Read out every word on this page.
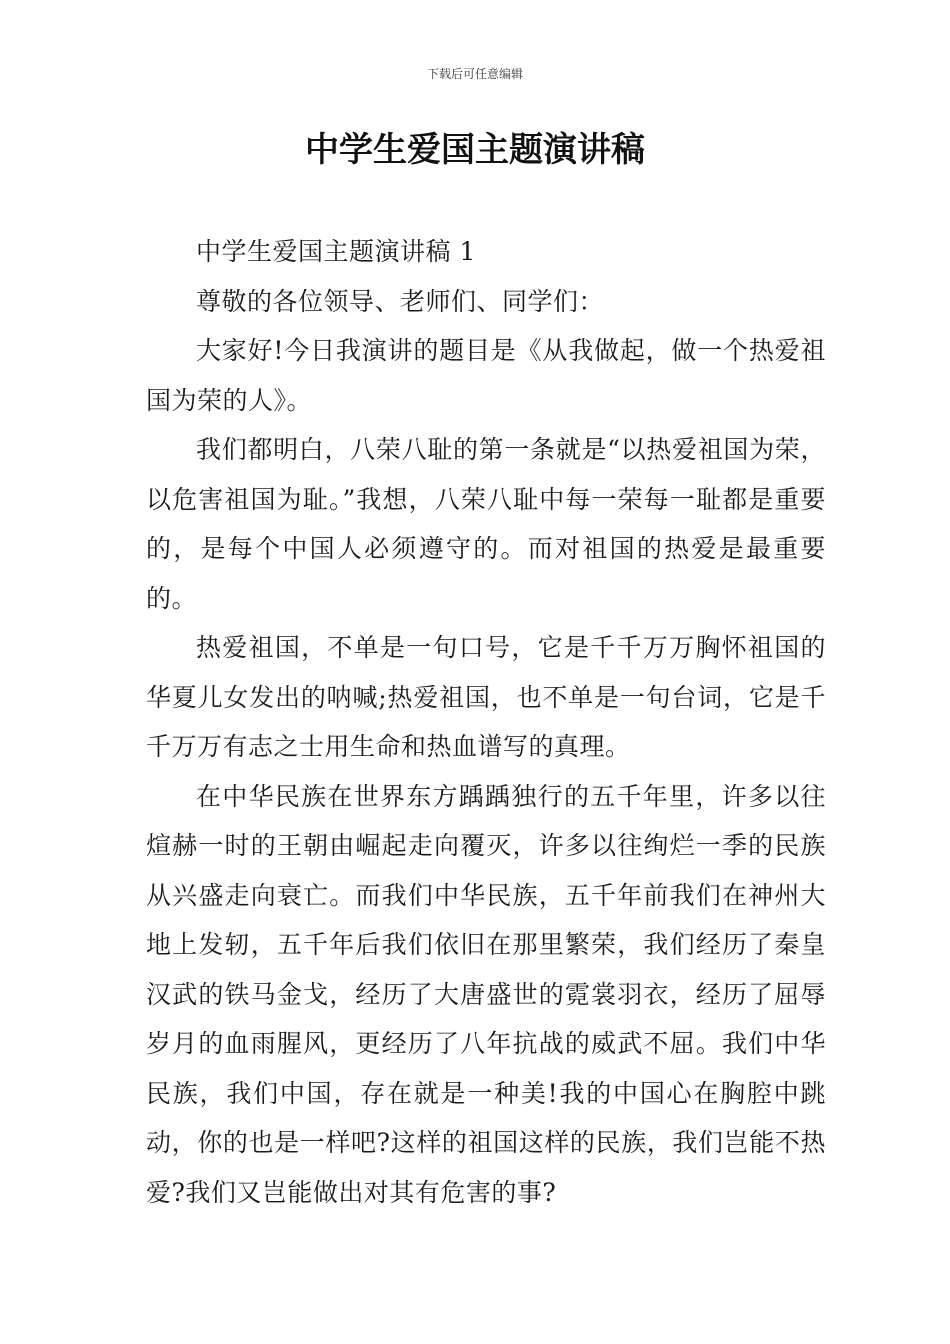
下载后可任意编辑
中学生爱国主题演讲稿

中学生爱国主题演讲稿 1

尊敬的各位领导、老师们、同学们：

大家好!今日我演讲的题目是《从我做起，做一个热爱祖国为荣的人》。

我们都明白，八荣八耻的第一条就是“以热爱祖国为荣，以危害祖国为耻。”我想，八荣八耻中每一荣每一耻都是重要的，是每个中国人必须遵守的。而对祖国的热爱是最重要的。

热爱祖国，不单是一句口号，它是千千万万胸怀祖国的华夏儿女发出的呐喊;热爱祖国，也不单是一句台词，它是千千万万有志之士用生命和热血谱写的真理。

在中华民族在世界东方踽踽独行的五千年里，许多以往煊赫一时的王朝由崛起走向覆灭，许多以往绚烂一季的民族从兴盛走向衰亡。而我们中华民族，五千年前我们在神州大地上发轫，五千年后我们依旧在那里繁荣，我们经历了秦皇汉武的铁马金戈，经历了大唐盛世的霓裳羽衣，经历了屈辱岁月的血雨腥风，更经历了八年抗战的威武不屈。我们中华民族，我们中国，存在就是一种美!我的中国心在胸腔中跳动，你的也是一样吧?这样的祖国这样的民族，我们岂能不热爱?我们又岂能做出对其有危害的事?
